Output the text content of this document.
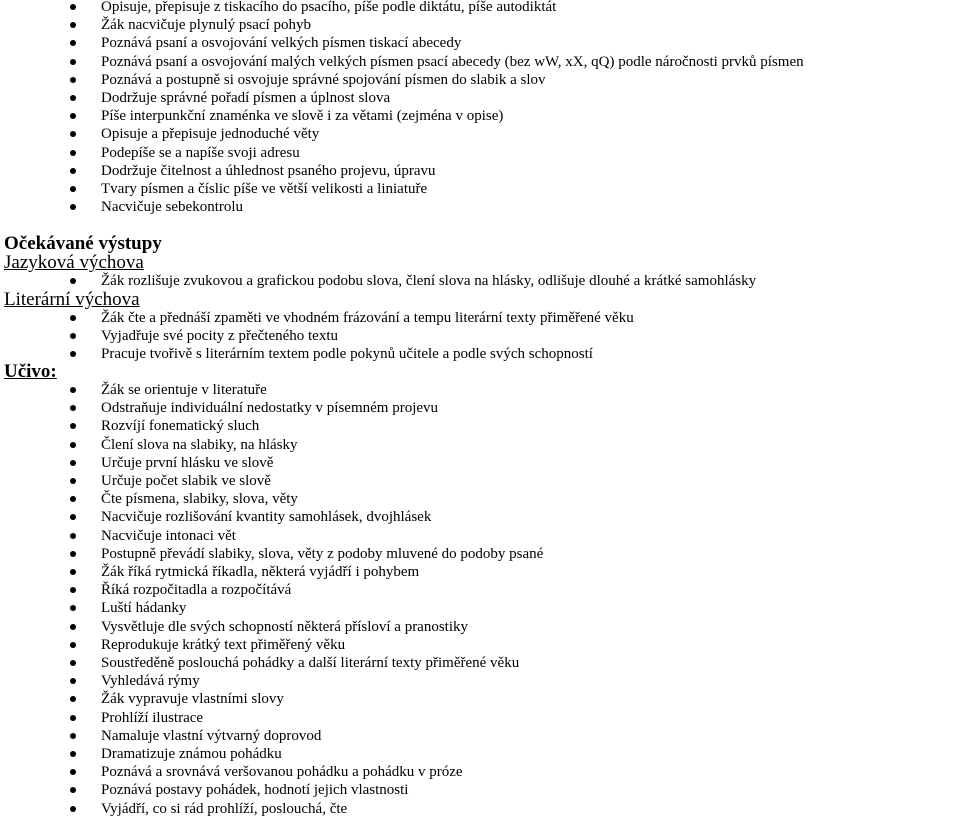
Opisuje, přepisuje z tiskacího do psacího, píše podle diktátu, píše autodiktát
Žák nacvičuje plynulý psací pohyb
Poznává psaní a osvojování velkých písmen tiskací abecedy
Poznává psaní a osvojování malých velkých písmen psací abecedy (bez wW, xX, qQ) podle náročnosti prvků písmen
Poznává a postupně si osvojuje správné spojování písmen do slabik a slov
Dodržuje správné pořadí písmen a úplnost slova
Píše interpunkční znaménka ve slově i za větami (zejména v opise)
Opisuje a přepisuje jednoduché věty
Podepíše se a napíše svoji adresu
Dodržuje čitelnost a úhlednost psaného projevu, úpravu
Tvary písmen a číslic píše ve větší velikosti a liniatuře
Nacvičuje sebekontrolu
Očekávané výstupy
Jazyková výchova
Žák rozlišuje zvukovou a grafickou podobu slova, člení slova na hlásky, odlišuje dlouhé a krátké samohlásky
Literární výchova
Žák čte a přednáší zpaměti ve vhodném frázování a tempu literární texty přiměřené věku
Vyjadřuje své pocity z přečteného textu
Pracuje tvořivě s literárním textem podle pokynů učitele a podle svých schopností
Učivo:
Žák se orientuje v literatuře
Odstraňuje individuální nedostatky v písemném projevu
Rozvíjí fonematický sluch
Člení slova na slabiky, na hlásky
Určuje první hlásku ve slově
Určuje počet slabik ve slově
Čte písmena, slabiky, slova, věty
Nacvičuje rozlišování kvantity samohlásek, dvojhlásek
Nacvičuje intonaci vět
Postupně převádí slabiky, slova, věty z podoby mluvené do podoby psané
Žák říká rytmická říkadla, některá vyjádří i pohybem
Říká rozpočitadla a rozpočítává
Luští hádanky
Vysvětluje dle svých schopností některá přísloví a pranostiky
Reprodukuje krátký text přiměřený věku
Soustředěně poslouchá pohádky a další literární texty přiměřené věku
Vyhledává rýmy
Žák vypravuje vlastními slovy
Prohlíží ilustrace
Namaluje vlastní výtvarný doprovod
Dramatizuje známou pohádku
Poznává a srovnává veršovanou pohádku a pohádku v próze
Poznává postavy pohádek, hodnotí jejich vlastnosti
Vyjádří, co si rád prohlíží, poslouchá, čte
